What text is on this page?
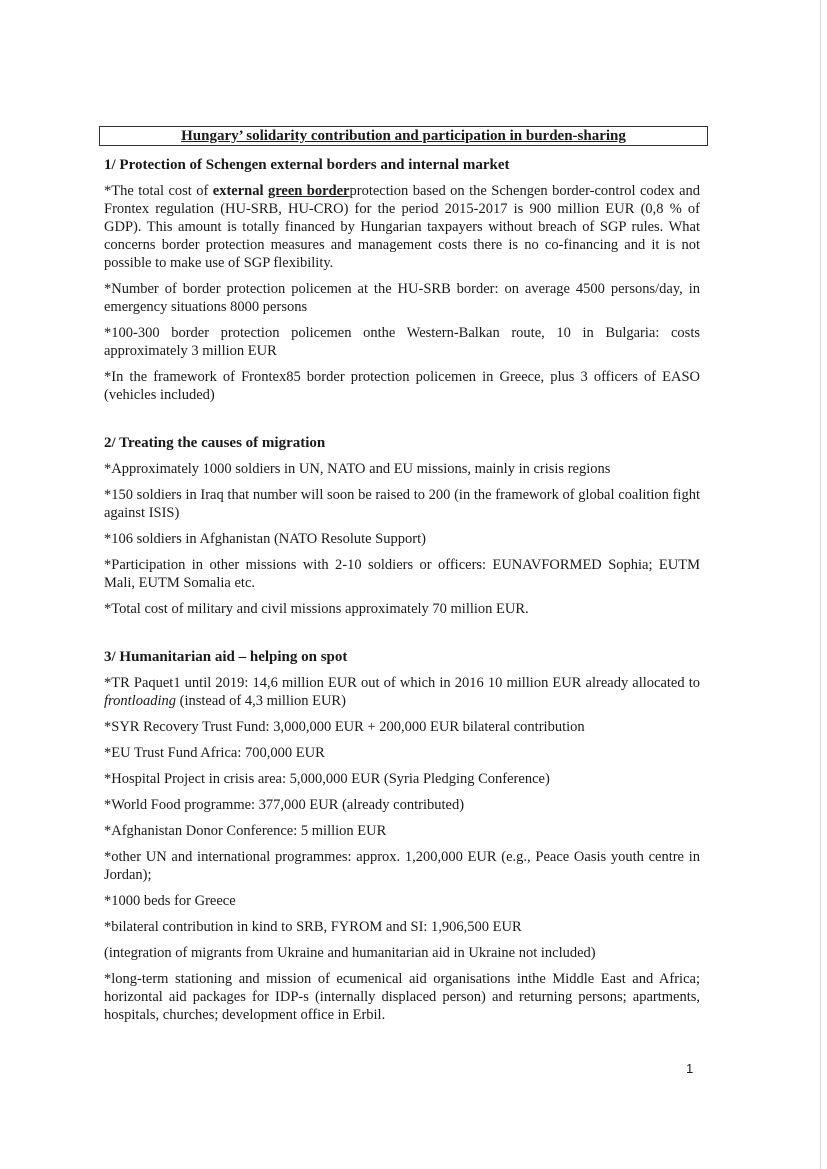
Hungary’ solidarity contribution and participation in burden-sharing
1/ Protection of Schengen external borders and internal market

*The total cost of external green borderprotection based on the Schengen border-control codex and Frontex regulation (HU-SRB, HU-CRO) for the period 2015-2017 is 900 million EUR (0,8 % of GDP). This amount is totally financed by Hungarian taxpayers without breach of SGP rules. What concerns border protection measures and management costs there is no co-financing and it is not possible to make use of SGP flexibility.

*Number of border protection policemen at the HU-SRB border: on average 4500 persons/day, in emergency situations 8000 persons

*100-300 border protection policemen onthe Western-Balkan route, 10 in Bulgaria: costs approximately 3 million EUR

*In the framework of Frontex85 border protection policemen in Greece, plus 3 officers of EASO (vehicles included)

2/ Treating the causes of migration

*Approximately 1000 soldiers in UN, NATO and EU missions, mainly in crisis regions

*150 soldiers in Iraq that number will soon be raised to 200 (in the framework of global coalition fight against ISIS)

*106 soldiers in Afghanistan (NATO Resolute Support)

*Participation in other missions with 2-10 soldiers or officers: EUNAVFORMED Sophia; EUTM Mali, EUTM Somalia etc.

*Total cost of military and civil missions approximately 70 million EUR.

3/ Humanitarian aid – helping on spot

*TR Paquet1 until 2019: 14,6 million EUR out of which in 2016 10 million EUR already allocated to frontloading (instead of 4,3 million EUR)

*SYR Recovery Trust Fund: 3,000,000 EUR + 200,000 EUR bilateral contribution

*EU Trust Fund Africa: 700,000 EUR

*Hospital Project in crisis area: 5,000,000 EUR (Syria Pledging Conference)

*World Food programme: 377,000 EUR (already contributed)

*Afghanistan Donor Conference: 5 million EUR

*other UN and international programmes: approx. 1,200,000 EUR (e.g., Peace Oasis youth centre in Jordan);

*1000 beds for Greece

*bilateral contribution in kind to SRB, FYROM and SI: 1,906,500 EUR

(integration of migrants from Ukraine and humanitarian aid in Ukraine not included)

*long-term stationing and mission of ecumenical aid organisations inthe Middle East and Africa; horizontal aid packages for IDP-s (internally displaced person) and returning persons; apartments, hospitals, churches; development office in Erbil.

1
